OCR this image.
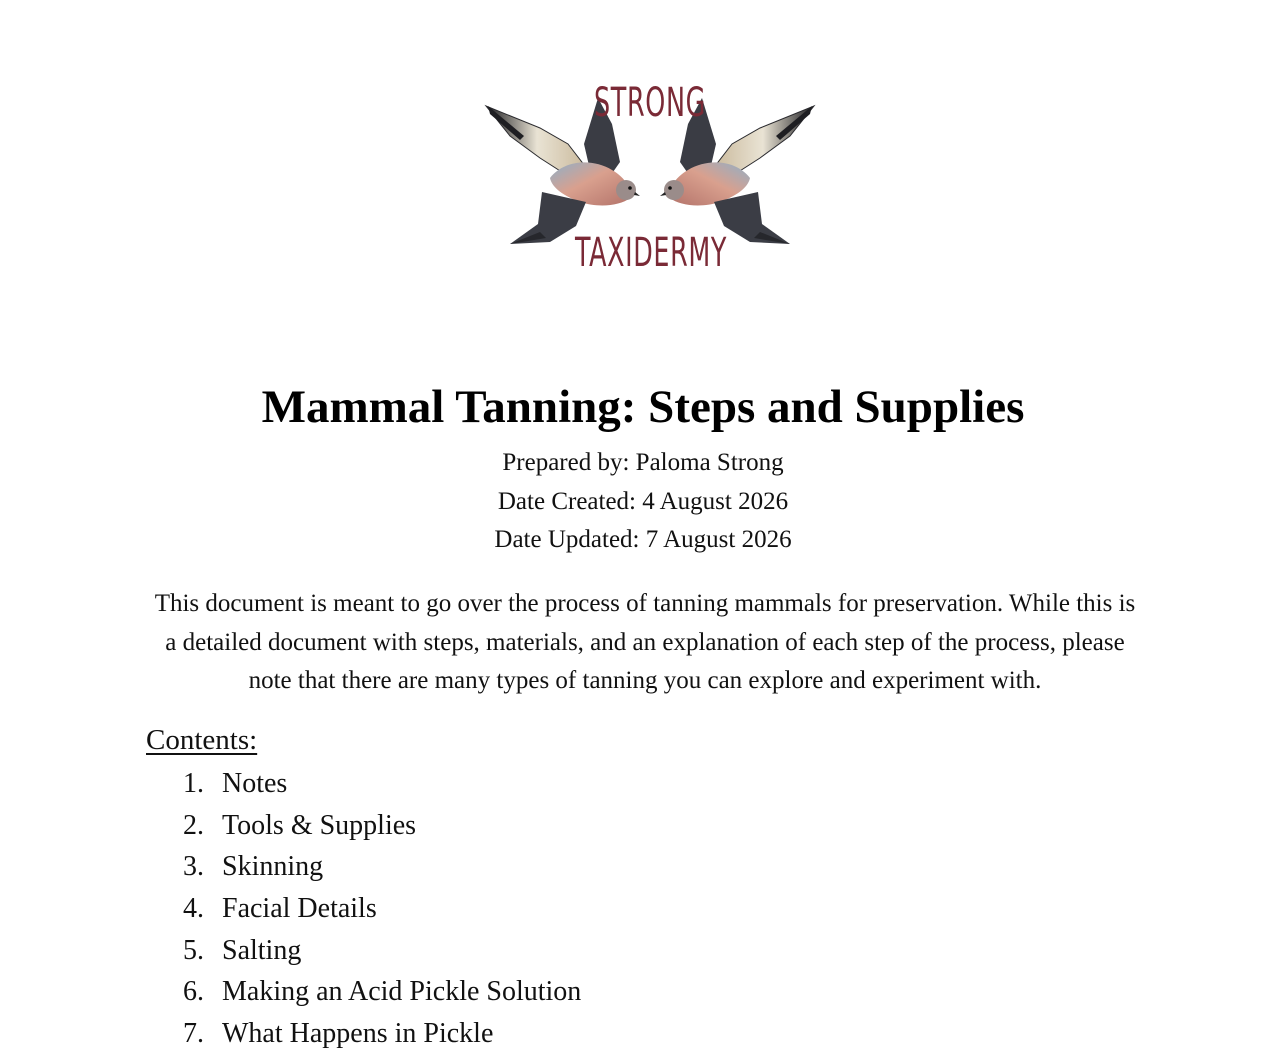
STRONG
TAXIDERMY
Mammal Tanning: Steps and Supplies
Prepared by: Paloma Strong
Date Created: 4 August 2026
Date Updated: 7 August 2026

This document is meant to go over the process of tanning mammals for preservation. While this is a detailed document with steps, materials, and an explanation of each step of the process, please note that there are many types of tanning you can explore and experiment with.

Contents:
1. Notes
2. Tools & Supplies
3. Skinning
4. Facial Details
5. Salting
6. Making an Acid Pickle Solution
7. What Happens in Pickle
